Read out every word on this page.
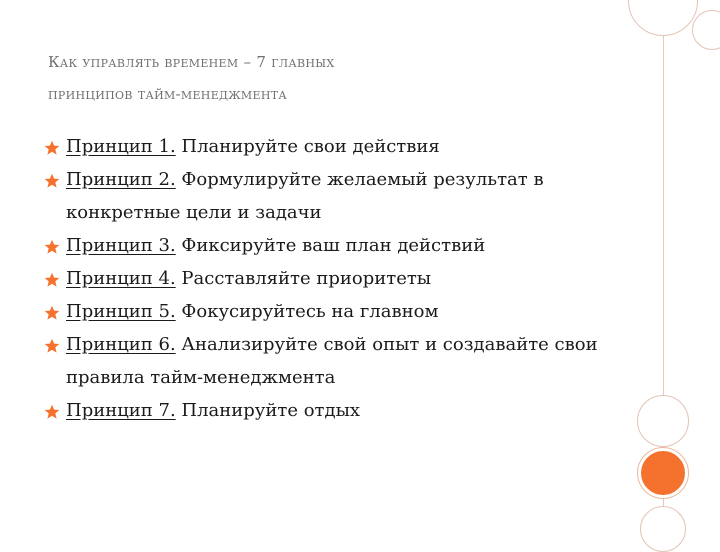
Как управлять временем – 7 главных
принципов тайм-менеджмента
Принцип 1. Планируйте свои действия
Принцип 2. Формулируйте желаемый результат в конкретные цели и задачи
Принцип 3. Фиксируйте ваш план действий
Принцип 4. Расставляйте приоритеты
Принцип 5. Фокусируйтесь на главном
Принцип 6. Анализируйте свой опыт и создавайте свои правила тайм-менеджмента
Принцип 7. Планируйте отдых
